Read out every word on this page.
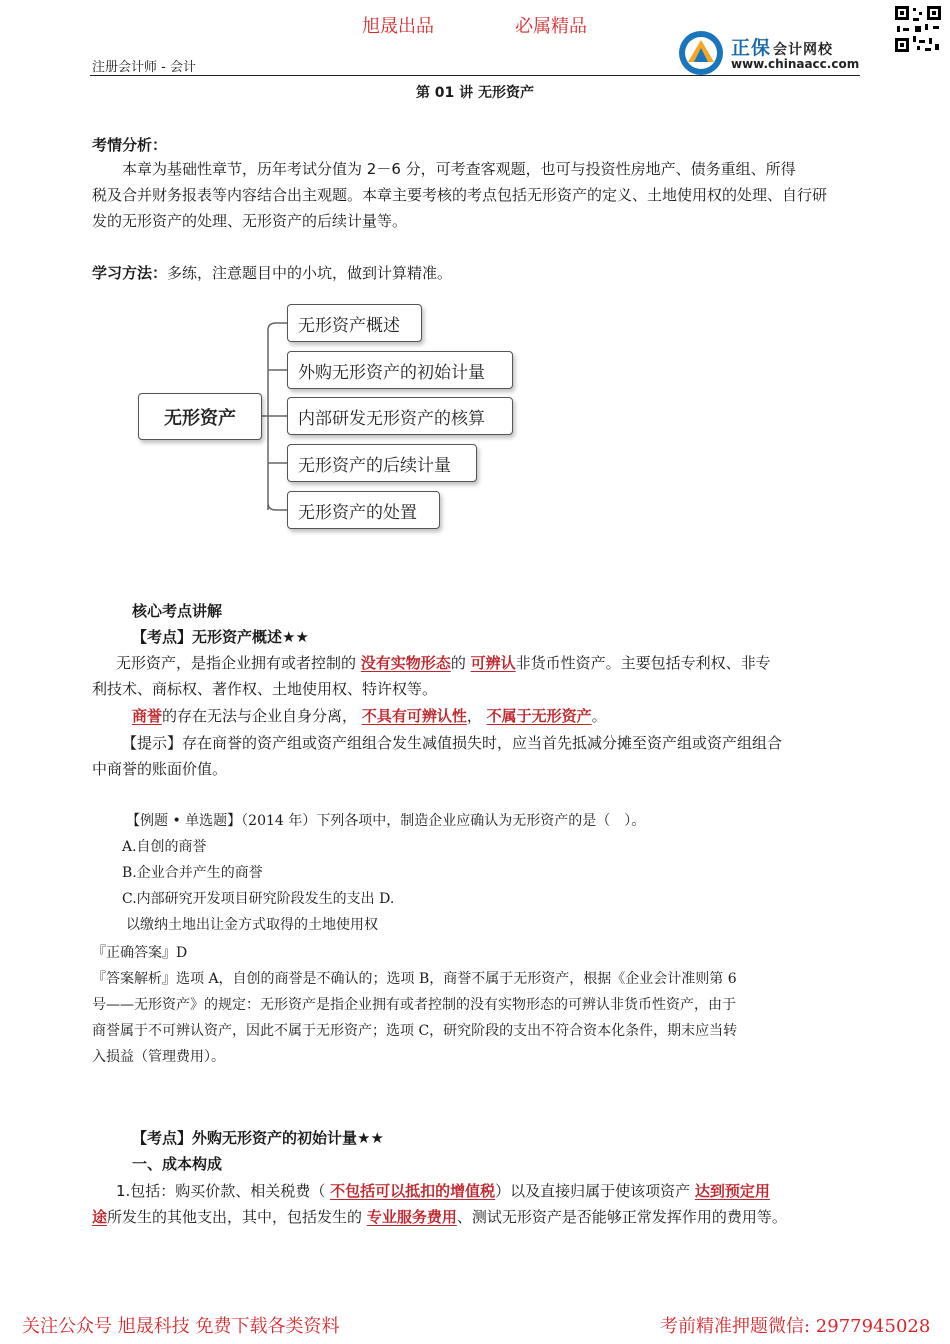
旭晟出品	必属精品
正保 会计网校
www.chinaacc.com
注册会计师 - 会计
第 01 讲 无形资产
考情分析：
本章为基础性章节，历年考试分值为 2－6 分，可考查客观题，也可与投资性房地产、债务重组、所得
税及合并财务报表等内容结合出主观题。本章主要考核的考点包括无形资产的定义、土地使用权的处理、自行研
发的无形资产的处理、无形资产的后续计量等。
学习方法：多练，注意题目中的小坑，做到计算精准。
无形资产
无形资产概述
外购无形资产的初始计量
内部研发无形资产的核算
无形资产的后续计量
无形资产的处置
核心考点讲解
【考点】无形资产概述★★
无形资产，是指企业拥有或者控制的 没有实物形态的 可辨认非货币性资产。主要包括专利权、非专
利技术、商标权、著作权、土地使用权、特许权等。
商誉的存在无法与企业自身分离， 不具有可辨认性， 不属于无形资产。
【提示】存在商誉的资产组或资产组组合发生减值损失时，应当首先抵减分摊至资产组或资产组组合
中商誉的账面价值。
【例题 • 单选题】（2014 年）下列各项中，制造企业应确认为无形资产的是（　）。
A.自创的商誉
B.企业合并产生的商誉
C.内部研究开发项目研究阶段发生的支出 D.
以缴纳土地出让金方式取得的土地使用权
『正确答案』D
『答案解析』选项 A，自创的商誉是不确认的；选项 B，商誉不属于无形资产，根据《企业会计准则第 6
号——无形资产》的规定：无形资产是指企业拥有或者控制的没有实物形态的可辨认非货币性资产，由于
商誉属于不可辨认资产，因此不属于无形资产；选项 C，研究阶段的支出不符合资本化条件，期末应当转
入损益（管理费用）。
【考点】外购无形资产的初始计量★★
一、成本构成
1.包括：购买价款、相关税费（ 不包括可以抵扣的增值税）以及直接归属于使该项资产 达到预定用
途所发生的其他支出，其中，包括发生的 专业服务费用、测试无形资产是否能够正常发挥作用的费用等。
关注公众号 旭晟科技 免费下载各类资料	考前精准押题微信: 2977945028
